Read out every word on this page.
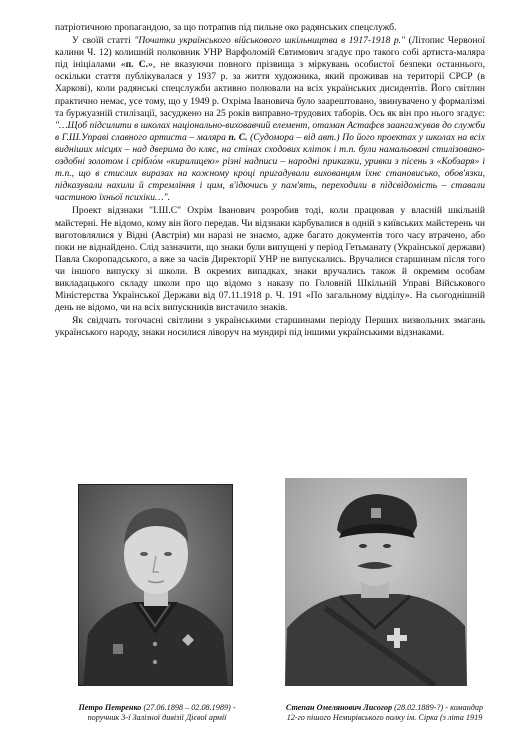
патріотичною пропагандою, за що потрапив під пильне око радянських спецслужб.

У своїй статті "Початки українського військового шкільництва в 1917-1918 р." (Літопис Червоної калини Ч. 12) колишній полковник УНР Варфоломій Євтимович згадує про такого собі артиста-маляра під ініціалами «п. С.», не вказуючи повного прізвища з міркувань особистої безпеки останнього, оскільки стаття публікувалася у 1937 р. за життя художника, який проживав на території СРСР (в Харкові), коли радянські спецслужби активно полювали на всіх українських дисидентів. Його світлин практично немає, усе тому, що у 1949 р. Охріма Івановича було заарештовано, звинувачено у формалізмі та буржуазній стилізації, засуджено на 25 років виправно-трудових таборів. Ось як він про нього згадує: "…Щоб підсилити в школах національно-виховавчий елемент, отаман Астафєв заангажував до служби в Г.Ш.Управі славного артиста – маляра п. С. (Судомора – від авт.) По його проектах у школах на всіх видніших місцях – над дверима до кляс, на стінах сходових кліток і т.п. були намальовані стилізовано-оздобні золотом і срібло́м «кирилицею» різні надписи – народні приказки, уривки з пісень з «Кобзаря» і т.п., що в стислих виразах на кожному кроці пригадували вихованцям їхнє становисько, обов'язки, підказували нахили й стремління і цим, в'ідючись у пам'ять, переходили в підсвідомість – ставали частиною їхньої психіки…".

Проект відзнаки "І.Ш.С" Охрім Іванович розробив тоді, коли працював у власній шкільній майстерні. Не відомо, кому він його передав. Чи відзнаки карбувалися в одній з київських майстерень чи виготовлялися у Відні (Австрія) ми наразі не знаємо, адже багато документів того часу втрачено, або поки не віднайдено. Слід зазначити, що знаки були випущені у період Гетьманату (Української держави) Павла Скоропадського, а вже за часів Директорії УНР не випускались. Вручалися старшинам після того чи іншого випуску зі школи. В окремих випадках, знаки вручались також й окремим особам викладацького складу школи про що відомо з наказу по Головній Шкільній Управі Військового Міністерства Української Держави від 07.11.1918 р. Ч. 191 «По загальному відділу». На сьогоднішній день не відомо, чи на всіх випускників вистачило знаків.

Як свідчать тогочасні світлини з українськими старшинами періоду Перших визвольних змагань українського народу, знаки носилися ліворуч на мундирі під іншими українськими відзнаками.

Петро Петренко (27.06.1898 – 02.08.1989) -
поручник 3-ї Залізної дивізії Дієвої армії
Степан Омелянович Лисогор (28.02.1889-?) - командир
12-го пішого Немирівського полку ім. Сірка (з літа 1919
